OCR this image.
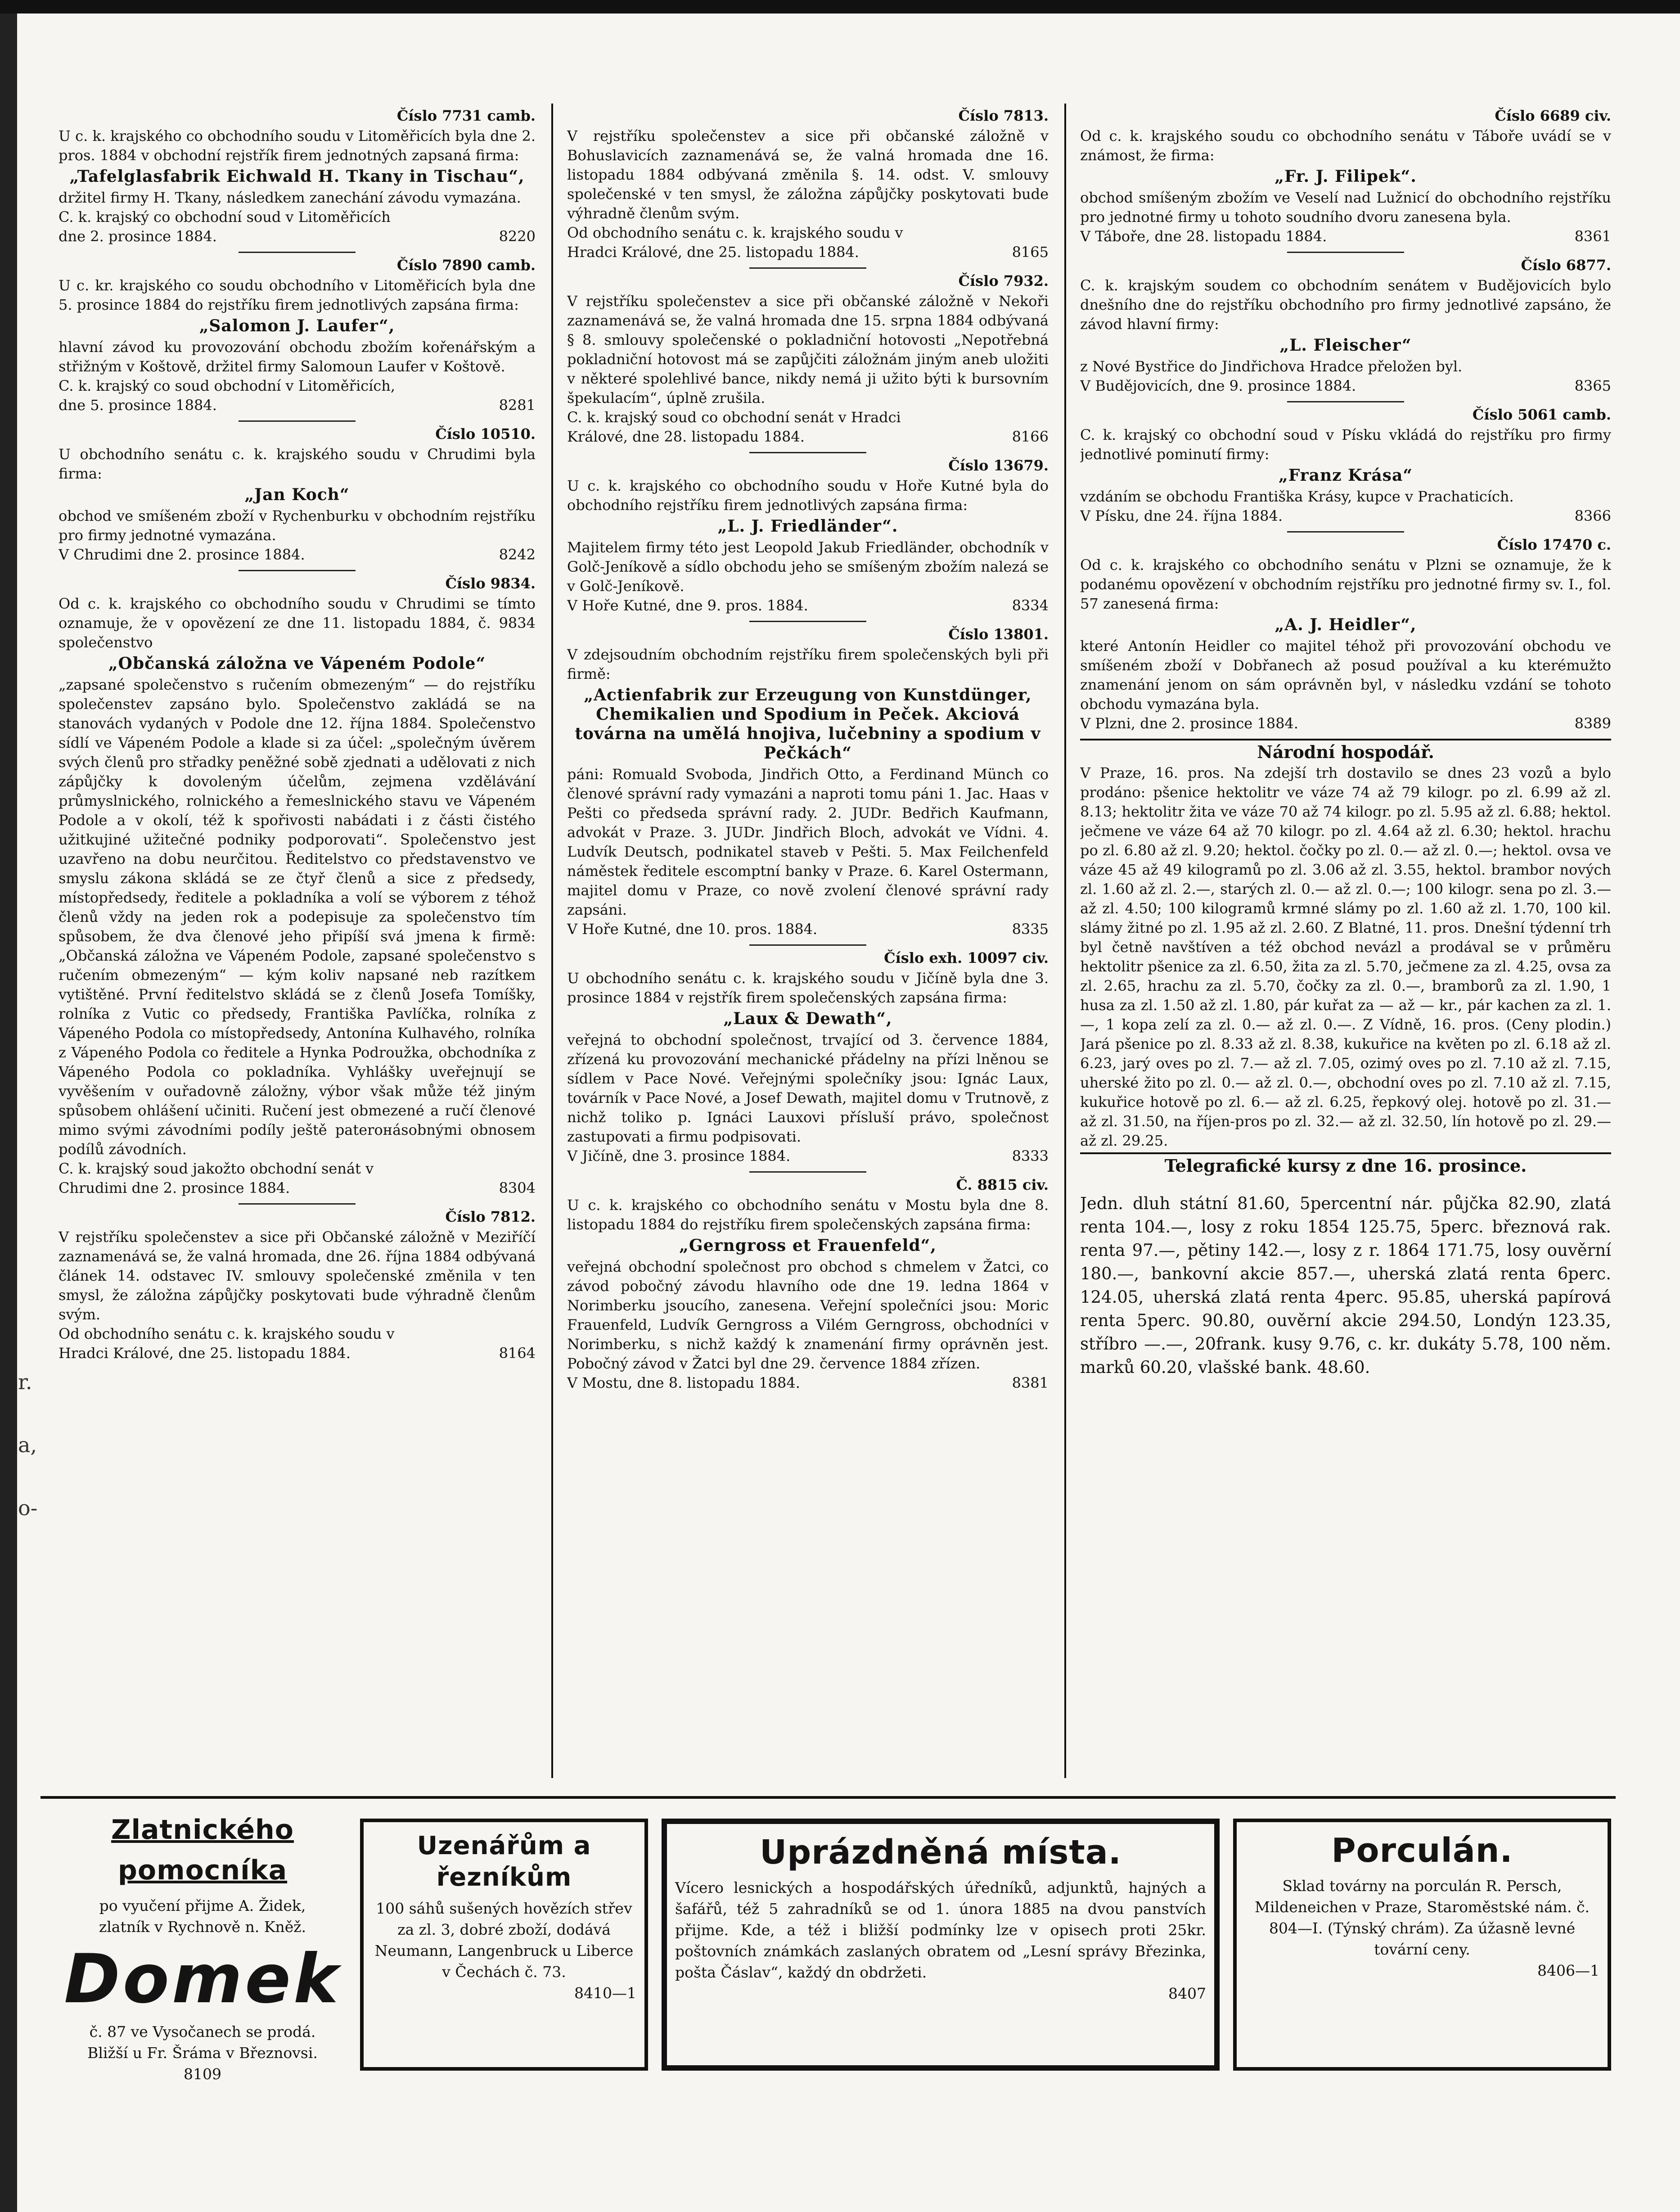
r.
a,
o-
Číslo 7731 camb.

U c. k. krajského co obchodního soudu v Litoměřicích byla dne 2. pros. 1884 v obchodní rejstřík firem jednotných zapsaná firma:

„Tafelglasfabrik Eichwald H. Tkany in Tischau“,

držitel firmy H. Tkany, následkem zanechání závodu vymazána.

C. k. krajský co obchodní soud v Litoměřicích

dne 2. prosince 1884.	8220
Číslo 7890 camb.

U c. kr. krajského co soudu obchodního v Litoměřicích byla dne 5. prosince 1884 do rejstříku firem jednotlivých zapsána firma:

„Salomon J. Laufer“,

hlavní závod ku provozování obchodu zbožím kořenářským a střižným v Koštově, držitel firmy Salomoun Laufer v Koštově.

C. k. krajský co soud obchodní v Litoměřicích,

dne 5. prosince 1884.	8281
Číslo 10510.

U obchodního senátu c. k. krajského soudu v Chrudimi byla firma:

„Jan Koch“

obchod ve smíšeném zboží v Rychenburku v obchodním rejstříku pro firmy jednotné vymazána.

V Chrudimi dne 2. prosince 1884.	8242
Číslo 9834.

Od c. k. krajského co obchodního soudu v Chrudimi se tímto oznamuje, že v opovězení ze dne 11. listopadu 1884, č. 9834 společenstvo

„Občanská záložna ve Vápeném Podole“

„zapsané společenstvo s ručením obmezeným“ — do rejstříku společenstev zapsáno bylo. Společenstvo zakládá se na stanovách vydaných v Podole dne 12. října 1884. Společenstvo sídlí ve Vápeném Podole a klade si za účel: „společným úvěrem svých členů pro střadky peněžné sobě zjednati a udělovati z nich zápůjčky k dovoleným účelům, zejmena vzdělávání průmyslnického, rolnického a řemeslnického stavu ve Vápeném Podole a v okolí, též k spořivosti nabádati i z části čistého užitkujiné užitečné podniky podporovati“. Společenstvo jest uzavřeno na dobu neurčitou. Ředitelstvo co představenstvo ve smyslu zákona skládá se ze čtyř členů a sice z předsedy, místopředsedy, ředitele a pokladníka a volí se výborem z téhož členů vždy na jeden rok a podepisuje za společenstvo tím spůsobem, že dva členové jeho připíší svá jmena k firmě: „Občanská záložna ve Vápeném Podole, zapsané společenstvo s ručením obmezeným“ — kým koliv napsané neb razítkem vytištěné. První ředitelstvo skládá se z členů Josefa Tomíšky, rolníka z Vutic co předsedy, Františka Pavlíčka, rolníka z Vápeného Podola co místopředsedy, Antonína Kulhavého, rolníka z Vápeného Podola co ředitele a Hynka Podroužka, obchodníka z Vápeného Podola co pokladníka. Vyhlášky uveřejnují se vyvěšením v ouřadovně záložny, výbor však může též jiným spůsobem ohlášení učiniti. Ručení jest obmezené a ručí členové mimo svými závodními podíly ještě paterонásobnými obnosem podílů závodních.

C. k. krajský soud jakožto obchodní senát v

Chrudimi dne 2. prosince 1884.	8304
Číslo 7812.

V rejstříku společenstev a sice při Občanské záložně v Meziříčí zaznamenává se, že valná hromada, dne 26. října 1884 odbývaná článek 14. odstavec IV. smlouvy společenské změnila v ten smysl, že záložna zápůjčky poskytovati bude výhradně členům svým.

Od obchodního senátu c. k. krajského soudu v

Hradci Králové, dne 25. listopadu 1884.	8164
Číslo 7813.

V rejstříku společenstev a sice při občanské záložně v Bohuslavicích zaznamenává se, že valná hromada dne 16. listopadu 1884 odbývaná změnila §. 14. odst. V. smlouvy společenské v ten smysl, že záložna zápůjčky poskytovati bude výhradně členům svým.

Od obchodního senátu c. k. krajského soudu v

Hradci Králové, dne 25. listopadu 1884.	8165
Číslo 7932.

V rejstříku společenstev a sice při občanské záložně v Nekoři zaznamenává se, že valná hromada dne 15. srpna 1884 odbývaná § 8. smlouvy společenské o pokladniční hotovosti „Nepotřebná pokladniční hotovost má se zapůjčiti záložnám jiným aneb uložiti v některé spolehlivé bance, nikdy nemá ji užito býti k bursovním špekulacím“, úplně zrušila.

C. k. krajský soud co obchodní senát v Hradci

Králové, dne 28. listopadu 1884.	8166
Číslo 13679.

U c. k. krajského co obchodního soudu v Hoře Kutné byla do obchodního rejstříku firem jednotlivých zapsána firma:

„L. J. Friedländer“.

Majitelem firmy této jest Leopold Jakub Friedländer, obchodník v Golč-Jeníkově a sídlo obchodu jeho se smíšeným zbožím nalezá se v Golč-Jeníkově.

V Hoře Kutné, dne 9. pros. 1884.	8334
Číslo 13801.

V zdejsoudním obchodním rejstříku firem společenských byli při firmě:

„Actienfabrik zur Erzeugung von Kunstdünger, Chemikalien und Spodium in Peček. Akciová továrna na umělá hnojiva, lučebniny a spodium v Pečkách“

páni: Romuald Svoboda, Jindřich Otto, a Ferdinand Münch co členové správní rady vymazáni a naproti tomu páni 1. Jac. Haas v Pešti co předseda správní rady. 2. JUDr. Bedřich Kaufmann, advokát v Praze. 3. JUDr. Jindřich Bloch, advokát ve Vídni. 4. Ludvík Deutsch, podnikatel staveb v Pešti. 5. Max Feilchenfeld náměstek ředitele escomptní banky v Praze. 6. Karel Ostermann, majitel domu v Praze, co nově zvolení členové správní rady zapsáni.

V Hoře Kutné, dne 10. pros. 1884.	8335
Číslo exh. 10097 civ.

U obchodního senátu c. k. krajského soudu v Jičíně byla dne 3. prosince 1884 v rejstřík firem společenských zapsána firma:

„Laux & Dewath“,

veřejná to obchodní společnost, trvající od 3. července 1884, zřízená ku provozování mechanické přádelny na přízi lněnou se sídlem v Pace Nové. Veřejnými společníky jsou: Ignác Laux, továrník v Pace Nové, a Josef Dewath, majitel domu v Trutnově, z nichž toliko p. Ignáci Lauxovi přísluší právo, společnost zastupovati a firmu podpisovati.

V Jičíně, dne 3. prosince 1884.	8333
Č. 8815 civ.

U c. k. krajského co obchodního senátu v Mostu byla dne 8. listopadu 1884 do rejstříku firem společenských zapsána firma:

„Gerngross et Frauenfeld“,

veřejná obchodní společnost pro obchod s chmelem v Žatci, co závod pobočný závodu hlavního ode dne 19. ledna 1864 v Norimberku jsoucího, zanesena. Veřejní společníci jsou: Moric Frauenfeld, Ludvík Gerngross a Vilém Gerngross, obchodníci v Norimberku, s nichž každý k znamenání firmy oprávněn jest. Pobočný závod v Žatci byl dne 29. července 1884 zřízen.

V Mostu, dne 8. listopadu 1884.	8381
Číslo 6689 civ.

Od c. k. krajského soudu co obchodního senátu v Táboře uvádí se v známost, že firma:

„Fr. J. Filipek“.

obchod smíšeným zbožím ve Veselí nad Lužnicí do obchodního rejstříku pro jednotné firmy u tohoto soudního dvoru zanesena byla.

V Táboře, dne 28. listopadu 1884.	8361
Číslo 6877.

C. k. krajským soudem co obchodním senátem v Budějovicích bylo dnešního dne do rejstříku obchodního pro firmy jednotlivé zapsáno, že závod hlavní firmy:

„L. Fleischer“

z Nové Bystřice do Jindřichova Hradce přeložen byl.

V Budějovicích, dne 9. prosince 1884.	8365
Číslo 5061 camb.

C. k. krajský co obchodní soud v Písku vkládá do rejstříku pro firmy jednotlivé pominutí firmy:

„Franz Krása“

vzdáním se obchodu Františka Krásy, kupce v Prachaticích.

V Písku, dne 24. října 1884.	8366
Číslo 17470 c.

Od c. k. krajského co obchodního senátu v Plzni se oznamuje, že k podanému opovězení v obchodním rejstříku pro jednotné firmy sv. I., fol. 57 zanesená firma:

„A. J. Heidler“,

které Antonín Heidler co majitel téhož při provozování obchodu ve smíšeném zboží v Dobřanech až posud používal a ku kterémužto znamenání jenom on sám oprávněn byl, v následku vzdání se tohoto obchodu vymazána byla.

V Plzni, dne 2. prosince 1884.	8389
Národní hospodář.

V Praze, 16. pros. Na zdejší trh dostavilo se dnes 23 vozů a bylo prodáno: pšenice hektolitr ve váze 74 až 79 kilogr. po zl. 6.99 až zl. 8.13; hektolitr žita ve váze 70 až 74 kilogr. po zl. 5.95 až zl. 6.88; hektol. ječmene ve váze 64 až 70 kilogr. po zl. 4.64 až zl. 6.30; hektol. hrachu po zl. 6.80 až zl. 9.20; hektol. čočky po zl. 0.— až zl. 0.—; hektol. ovsa ve váze 45 až 49 kilogramů po zl. 3.06 až zl. 3.55, hektol. brambor nových zl. 1.60 až zl. 2.—, starých zl. 0.— až zl. 0.—; 100 kilogr. sena po zl. 3.— až zl. 4.50; 100 kilogramů krmné slámy po zl. 1.60 až zl. 1.70, 100 kil. slámy žitné po zl. 1.95 až zl. 2.60. Z Blatné, 11. pros. Dnešní týdenní trh byl četně navštíven a též obchod nevázl a prodával se v průměru hektolitr pšenice za zl. 6.50, žita za zl. 5.70, ječmene za zl. 4.25, ovsa za zl. 2.65, hrachu za zl. 5.70, čočky za zl. 0.—, bramborů za zl. 1.90, 1 husa za zl. 1.50 až zl. 1.80, pár kuřat za — až — kr., pár kachen za zl. 1.—, 1 kopa zelí za zl. 0.— až zl. 0.—. Z Vídně, 16. pros. (Ceny plodin.) Jará pšenice po zl. 8.33 až zl. 8.38, kukuřice na květen po zl. 6.18 až zl. 6.23, jarý oves po zl. 7.— až zl. 7.05, ozimý oves po zl. 7.10 až zl. 7.15, uherské žito po zl. 0.— až zl. 0.—, obchodní oves po zl. 7.10 až zl. 7.15, kukuřice hotově po zl. 6.— až zl. 6.25, řepkový olej. hotově po zl. 31.— až zl. 31.50, na říjen-pros po zl. 32.— až zl. 32.50, lín hotově po zl. 29.— až zl. 29.25.

Telegrafické kursy z dne 16. prosince.

Jedn. dluh státní 81.60, 5percentní nár. půjčka 82.90, zlatá renta 104.—, losy z roku 1854 125.75, 5perc. březnová rak. renta 97.—, pětiny 142.—, losy z r. 1864 171.75, losy ouvěrní 180.—, bankovní akcie 857.—, uherská zlatá renta 6perc. 124.05, uherská zlatá renta 4perc. 95.85, uherská papírová renta 5perc. 90.80, ouvěrní akcie 294.50, Londýn 123.35, stříbro —.—, 20frank. kusy 9.76, c. kr. dukáty 5.78, 100 něm. marků 60.20, vlašské bank. 48.60.

Zlatnického pomocníka
po vyučení přijme A. Židek,
zlatník v Rychnově n. Kněž.
Domek
č. 87 ve Vysočanech se prodá.
Bližší u Fr. Šrámа v Březnovsi.
8109
Uzenářům a řezníkům
100 sáhů sušených hovězích střev za zl. 3, dobré zboží, dodává Neumann, Langenbruck u Liberce v Čechách č. 73.
8410—1
Uprázdněná místa.
Vícero lesnických a hospodářských úředníků, adjunktů, hajných a šafářů, též 5 zahradníků se od 1. února 1885 na dvou panstvích přijme. Kde, a též i bližší podmínky lze v opisech proti 25kr. poštovních známkách zaslaných obratem od „Lesní správy Březinka, pošta Čáslav“, každý dn obdržeti.
8407
Porculán.
Sklad továrny na porculán R. Persch, Mildeneichen v Praze, Staroměstské nám. č. 804—I. (Týnský chrám). Za úžasně levné tovární ceny.
8406—1
